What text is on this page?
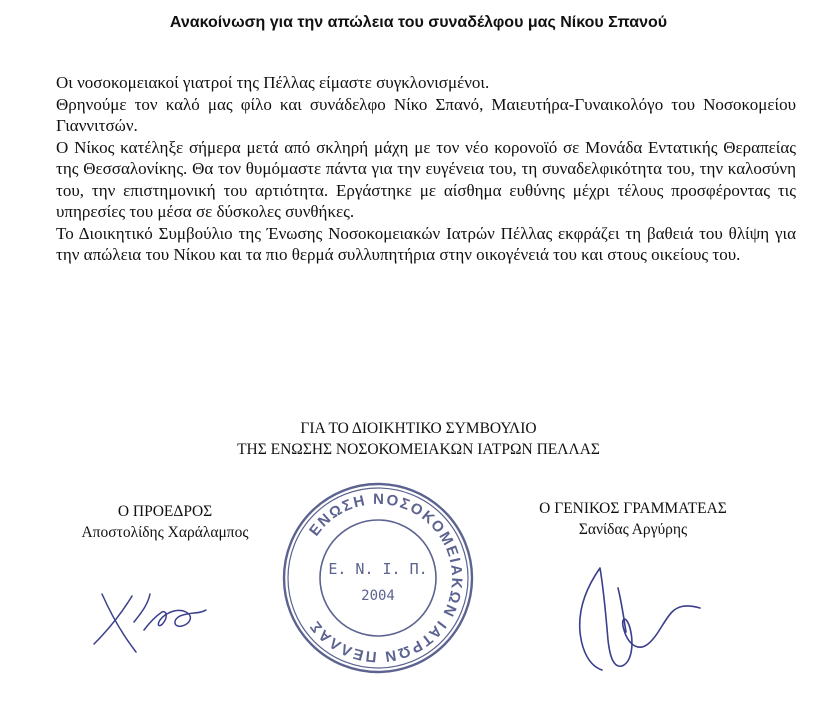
Ανακοίνωση για την απώλεια του συναδέλφου μας Νίκου Σπανού

Οι νοσοκομειακοί γιατροί της Πέλλας είμαστε συγκλονισμένοι.

Θρηνούμε τον καλό μας φίλο και συνάδελφο Νίκο Σπανό, Μαιευτήρα-Γυναικολόγο του Νοσοκομείου Γιαννιτσών.

Ο Νίκος κατέληξε σήμερα μετά από σκληρή μάχη με τον νέο κορονοϊό σε Μονάδα Εντατικής Θεραπείας της Θεσσαλονίκης. Θα τον θυμόμαστε πάντα για την ευγένεια του, τη συναδελφικότητα του, την καλοσύνη του, την επιστημονική του αρτιότητα. Εργάστηκε με αίσθημα ευθύνης μέχρι τέλους προσφέροντας τις υπηρεσίες του μέσα σε δύσκολες συνθήκες.

Το Διοικητικό Συμβούλιο της Ένωσης Νοσοκομειακών Ιατρών Πέλλας εκφράζει τη βαθειά του θλίψη για την απώλεια του Νίκου και τα πιο θερμά συλλυπητήρια στην οικογένειά του και στους οικείους του.

ΓΙΑ ΤΟ ΔΙΟΙΚΗΤΙΚΟ ΣΥΜΒΟΥΛΙΟ
ΤΗΣ ΕΝΩΣΗΣ ΝΟΣΟΚΟΜΕΙΑΚΩΝ ΙΑΤΡΩΝ ΠΕΛΛΑΣ
Ο ΠΡΟΕΔΡΟΣ
Αποστολίδης Χαράλαμπος
Ο ΓΕΝΙΚΟΣ ΓΡΑΜΜΑΤΕΑΣ
Σανίδας Αργύρης
ΕΝΩΣΗ ΝΟΣΟΚΟΜΕΙΑΚΩΝ ΙΑΤΡΩΝ ΠΕΛΛΑΣ
Ε. Ν. Ι. Π.
2004
